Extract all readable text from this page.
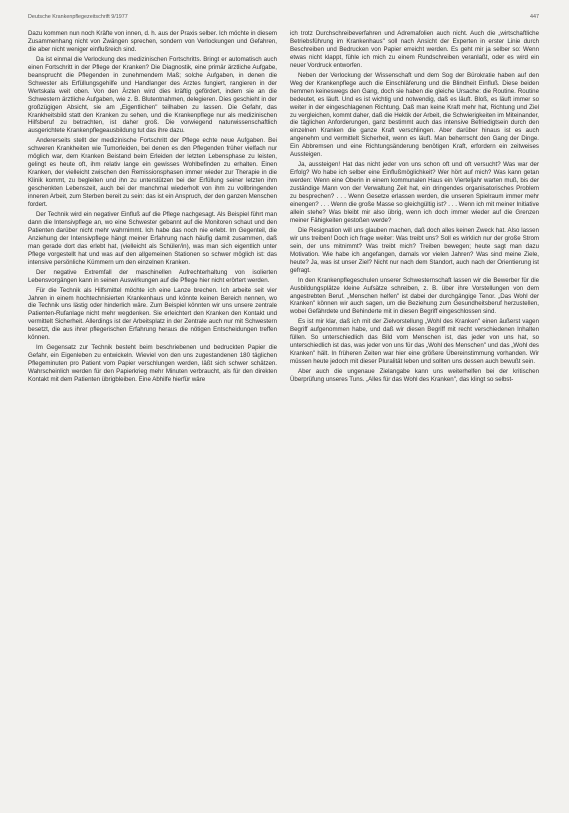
Deutsche Krankenpflegezeitschrift 9/1977	447

Dazu kommen nun noch Kräfte von innen, d. h. aus der Praxis selber. Ich möchte in diesem Zusammenhang nicht von Zwängen sprechen, sondern von Verlockungen und Gefahren, die aber nicht weniger einflußreich sind.

Da ist einmal die Verlockung des medizinischen Fortschritts. Bringt er automatisch auch einen Fortschritt in der Pflege der Kranken? Die Diagnostik, eine primär ärztliche Aufgabe, beansprucht die Pflegenden in zunehmendem Maß; solche Aufgaben, in denen die Schwester als Erfüllungsgehilfe und Handlanger des Arztes fungiert, rangieren in der Wertskala weit oben. Von den Ärzten wird dies kräftig gefördert, indem sie an die Schwestern ärztliche Aufgaben, wie z. B. Blutentnahmen, delegieren. Dies geschieht in der großzügigen Absicht, sie am „Eigentlichen" teilhaben zu lassen. Die Gefahr, das Krankheitsbild statt den Kranken zu sehen, und die Krankenpflege nur als medizinischen Hilfsberuf zu betrachten, ist daher groß. Die vorwiegend naturwissenschaftlich ausgerichtete Krankenpflegeausbildung tut das ihre dazu.

Andererseits stellt der medizinische Fortschritt der Pflege echte neue Aufgaben. Bei schweren Krankheiten wie Tumorleiden, bei denen es den Pflegenden früher vielfach nur möglich war, dem Kranken Beistand beim Erleiden der letzten Lebensphase zu leisten, gelingt es heute oft, ihm relativ lange ein gewisses Wohlbefinden zu erhalten. Einen Kranken, der vielleicht zwischen den Remissionsphasen immer wieder zur Therapie in die Klinik kommt, zu begleiten und ihn zu unterstützen bei der Erfüllung seiner letzten ihm geschenkten Lebenszeit, auch bei der manchmal wiederholt von ihm zu vollbringenden inneren Arbeit, zum Sterben bereit zu sein: das ist ein Anspruch, der den ganzen Menschen fordert.

Der Technik wird ein negativer Einfluß auf die Pflege nachgesagt. Als Beispiel führt man dann die Intensivpflege an, wo eine Schwester gebannt auf die Monitoren schaut und den Patienten darüber nicht mehr wahrnimmt. Ich habe das noch nie erlebt. Im Gegenteil, die Anziehung der Intensivpflege hängt meiner Erfahrung nach häufig damit zusammen, daß man gerade dort das erlebt hat, (vielleicht als Schüler/in), was man sich eigentlich unter Pflege vorgestellt hat und was auf den allgemeinen Stationen so schwer möglich ist: das intensive persönliche Kümmern um den einzelnen Kranken.

Der negative Extremfall der maschinellen Aufrechterhaltung von isolierten Lebensvorgängen kann in seinen Auswirkungen auf die Pflege hier nicht erörtert werden.

Für die Technik als Hilfsmittel möchte ich eine Lanze brechen. Ich arbeite seit vier Jahren in einem hochtechnisierten Krankenhaus und könnte keinen Bereich nennen, wo die Technik uns lästig oder hinderlich wäre. Zum Beispiel könnten wir uns unsere zentrale Patienten-Rufanlage nicht mehr wegdenken. Sie erleichtert den Kranken den Kontakt und vermittelt Sicherheit. Allerdings ist der Arbeitsplatz in der Zentrale auch nur mit Schwestern besetzt, die aus ihrer pflegerischen Erfahrung heraus die nötigen Entscheidungen treffen können.

Im Gegensatz zur Technik besteht beim beschriebenen und bedruckten Papier die Gefahr, ein Eigenleben zu entwickeln. Wieviel von den uns zugestandenen 180 täglichen Pflegeminuten pro Patient vom Papier verschlungen werden, läßt sich schwer schätzen. Wahrscheinlich werden für den Papierkrieg mehr Minuten verbraucht, als für den direkten Kontakt mit dem Patienten übrigbleiben. Eine Abhilfe hierfür wäre

ich trotz Durchschreibeverfahren und Adremafolien auch nicht. Auch die „wirtschaftliche Betriebsführung im Krankenhaus" soll nach Ansicht der Experten in erster Linie durch Beschreiben und Bedrucken von Papier erreicht werden. Es geht mir ja selber so: Wenn etwas nicht klappt, fühle ich mich zu einem Rundschreiben veranlaßt, oder es wird ein neuer Vordruck entworfen.

Neben der Verlockung der Wissenschaft und dem Sog der Bürokratie haben auf den Weg der Krankenpflege auch die Einschläferung und die Blindheit Einfluß. Diese beiden hemmen keineswegs den Gang, doch sie haben die gleiche Ursache: die Routine. Routine bedeutet, es läuft. Und es ist wichtig und notwendig, daß es läuft. Bloß, es läuft immer so weiter in der eingeschlagenen Richtung. Daß man keine Kraft mehr hat, Richtung und Ziel zu vergleichen, kommt daher, daß die Hektik der Arbeit, die Schwierigkeiten im Miteinander, die täglichen Anforderungen, ganz bestimmt auch das intensive Befriedigtsein durch den einzelnen Kranken die ganze Kraft verschlingen. Aber darüber hinaus ist es auch angenehm und vermittelt Sicherheit, wenn es läuft. Man beherrscht den Gang der Dinge. Ein Abbremsen und eine Richtungsänderung benötigen Kraft, erfordern ein zeitweises Aussteigen.

Ja, aussteigen! Hat das nicht jeder von uns schon oft und oft versucht? Was war der Erfolg? Wo habe ich selber eine Einflußmöglichkeit? Wer hört auf mich? Was kann getan werden: Wenn eine Oberin in einem kommunalen Haus ein Vierteljahr warten muß, bis der zuständige Mann von der Verwaltung Zeit hat, ein dringendes organisatorisches Problem zu besprechen? . . . Wenn Gesetze erlassen werden, die unseren Spielraum immer mehr einengen? . . . Wenn die große Masse so gleichgültig ist? . . . Wenn ich mit meiner Initiative allein stehe? Was bleibt mir also übrig, wenn ich doch immer wieder auf die Grenzen meiner Fähigkeiten gestoßen werde?

Die Resignation will uns glauben machen, daß doch alles keinen Zweck hat. Also lassen wir uns treiben! Doch ich frage weiter: Was treibt uns? Soll es wirklich nur der große Strom sein, der uns mitnimmt? Was treibt mich? Treiben bewegen; heute sagt man dazu Motivation. Wie habe ich angefangen, damals vor vielen Jahren? Was sind meine Ziele, heute? Ja, was ist unser Ziel? Nicht nur nach dem Standort, auch nach der Orientierung ist gefragt.

In den Krankenpflegeschulen unserer Schwesternschaft lassen wir die Bewerber für die Ausbildungsplätze kleine Aufsätze schreiben, z. B. über ihre Vorstellungen von dem angestrebten Beruf. „Menschen helfen" ist dabei der durchgängige Tenor. „Das Wohl der Kranken" können wir auch sagen, um die Beziehung zum Gesundheitsberuf herzustellen, wobei Gefährdete und Behinderte mit in diesen Begriff eingeschlossen sind.

Es ist mir klar, daß ich mit der Zielvorstellung „Wohl des Kranken" einen äußerst vagen Begriff aufgenommen habe, und daß wir diesen Begriff mit recht verschiedenen Inhalten füllen. So unterschiedlich das Bild vom Menschen ist, das jeder von uns hat, so unterschiedlich ist das, was jeder von uns für das „Wohl des Menschen" und das „Wohl des Kranken" hält. In früheren Zeiten war hier eine größere Übereinstimmung vorhanden. Wir müssen heute jedoch mit dieser Pluralität leben und sollten uns dessen auch bewußt sein.

Aber auch die ungenaue Zielangabe kann uns weiterhelfen bei der kritischen Überprüfung unseres Tuns. „Alles für das Wohl des Kranken", das klingt so selbst-
